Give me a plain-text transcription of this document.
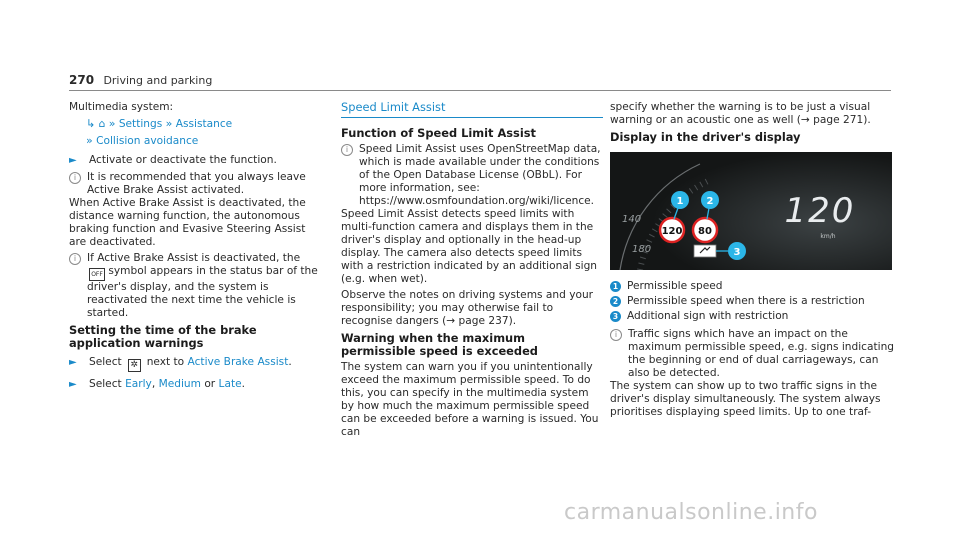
270 Driving and parking

Multimedia system:

↳ ⌂ » Settings » Assistance

» Collision avoidance

►	Activate or deactivate the function.
i	It is recommended that you always leave Active Brake Assist activated.

When Active Brake Assist is deactivated, the distance warning function, the autonomous braking function and Evasive Steering Assist are deactivated.

i	If Active Brake Assist is deactivated, the OFF symbol appears in the status bar of the driver's display, and the system is reactivated the next time the vehicle is started.
Setting the time of the brake application warnings
►	Select ✲ next to Active Brake Assist.
►	Select Early, Medium or Late.
Speed Limit Assist
Function of Speed Limit Assist
i	Speed Limit Assist uses OpenStreetMap data, which is made available under the conditions of the Open Database License (OBbL). For more information, see: https://www.osmfoundation.org/wiki/licence.

Speed Limit Assist detects speed limits with multi-function camera and displays them in the driver's display and optionally in the head-up display. The camera also detects speed limits with a restriction indicated by an additional sign (e.g. when wet).

Observe the notes on driving systems and your responsibility; you may otherwise fail to recognise dangers (→ page 237).

Warning when the maximum permissible speed is exceeded

The system can warn you if you unintentionally exceed the maximum permissible speed. To do this, you can specify in the multimedia system by how much the maximum permissible speed can be exceeded before a warning is issued. You can

specify whether the warning is to be just a visual warning or an acoustic one as well (→ page 271).

Display in the driver's display
120 80
1 2
3
120
km/h
140
180
1 Permissible speed
2 Permissible speed when there is a restriction
3 Additional sign with restriction
i	Traffic signs which have an impact on the maximum permissible speed, e.g. signs indicating the beginning or end of dual carriageways, can also be detected.

The system can show up to two traffic signs in the driver's display simultaneously. The system always prioritises displaying speed limits. Up to one traf-

carmanualsonline.info
